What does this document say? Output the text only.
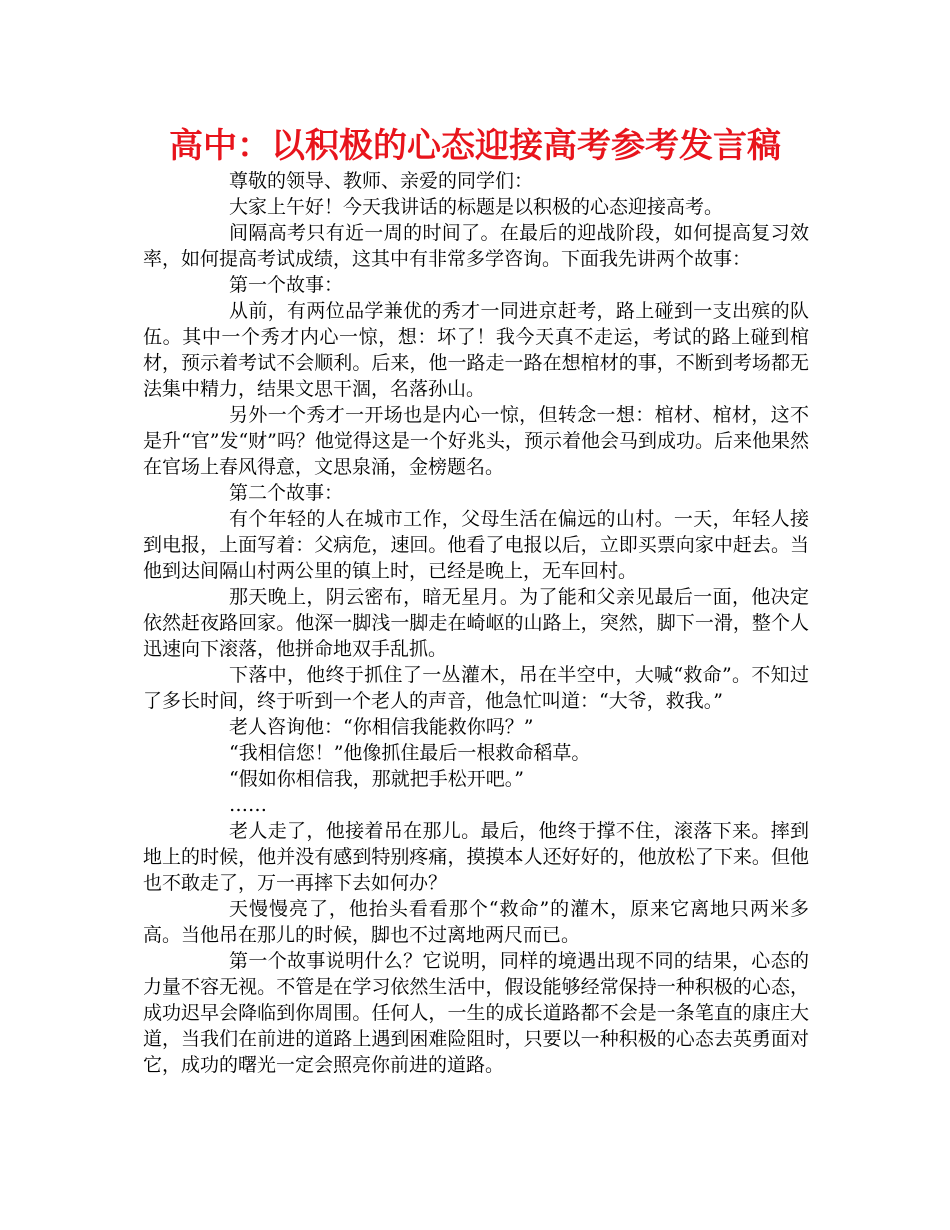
高中：以积极的心态迎接高考参考发言稿

尊敬的领导、教师、亲爱的同学们：

大家上午好！今天我讲话的标题是以积极的心态迎接高考。

间隔高考只有近一周的时间了。在最后的迎战阶段，如何提高复习效率，如何提高考试成绩，这其中有非常多学咨询。下面我先讲两个故事：

第一个故事：

从前，有两位品学兼优的秀才一同进京赶考，路上碰到一支出殡的队伍。其中一个秀才内心一惊，想：坏了！我今天真不走运，考试的路上碰到棺材，预示着考试不会顺利。后来，他一路走一路在想棺材的事，不断到考场都无法集中精力，结果文思干涸，名落孙山。

另外一个秀才一开场也是内心一惊，但转念一想：棺材、棺材，这不是升“官”发“财”吗？他觉得这是一个好兆头，预示着他会马到成功。后来他果然在官场上春风得意，文思泉涌，金榜题名。

第二个故事：

有个年轻的人在城市工作，父母生活在偏远的山村。一天，年轻人接到电报，上面写着：父病危，速回。他看了电报以后，立即买票向家中赶去。当他到达间隔山村两公里的镇上时，已经是晚上，无车回村。

那天晚上，阴云密布，暗无星月。为了能和父亲见最后一面，他决定依然赶夜路回家。他深一脚浅一脚走在崎岖的山路上，突然，脚下一滑，整个人迅速向下滚落，他拼命地双手乱抓。

下落中，他终于抓住了一丛灌木，吊在半空中，大喊“救命”。不知过了多长时间，终于听到一个老人的声音，他急忙叫道：“大爷，救我。”

老人咨询他：“你相信我能救你吗？”

“我相信您！”他像抓住最后一根救命稻草。

“假如你相信我，那就把手松开吧。”

……

老人走了，他接着吊在那儿。最后，他终于撑不住，滚落下来。摔到地上的时候，他并没有感到特别疼痛，摸摸本人还好好的，他放松了下来。但他也不敢走了，万一再摔下去如何办？

天慢慢亮了，他抬头看看那个“救命”的灌木，原来它离地只两米多高。当他吊在那儿的时候，脚也不过离地两尺而已。

第一个故事说明什么？它说明，同样的境遇出现不同的结果，心态的力量不容无视。不管是在学习依然生活中，假设能够经常保持一种积极的心态，成功迟早会降临到你周围。任何人，一生的成长道路都不会是一条笔直的康庄大道，当我们在前进的道路上遇到困难险阻时，只要以一种积极的心态去英勇面对它，成功的曙光一定会照亮你前进的道路。
